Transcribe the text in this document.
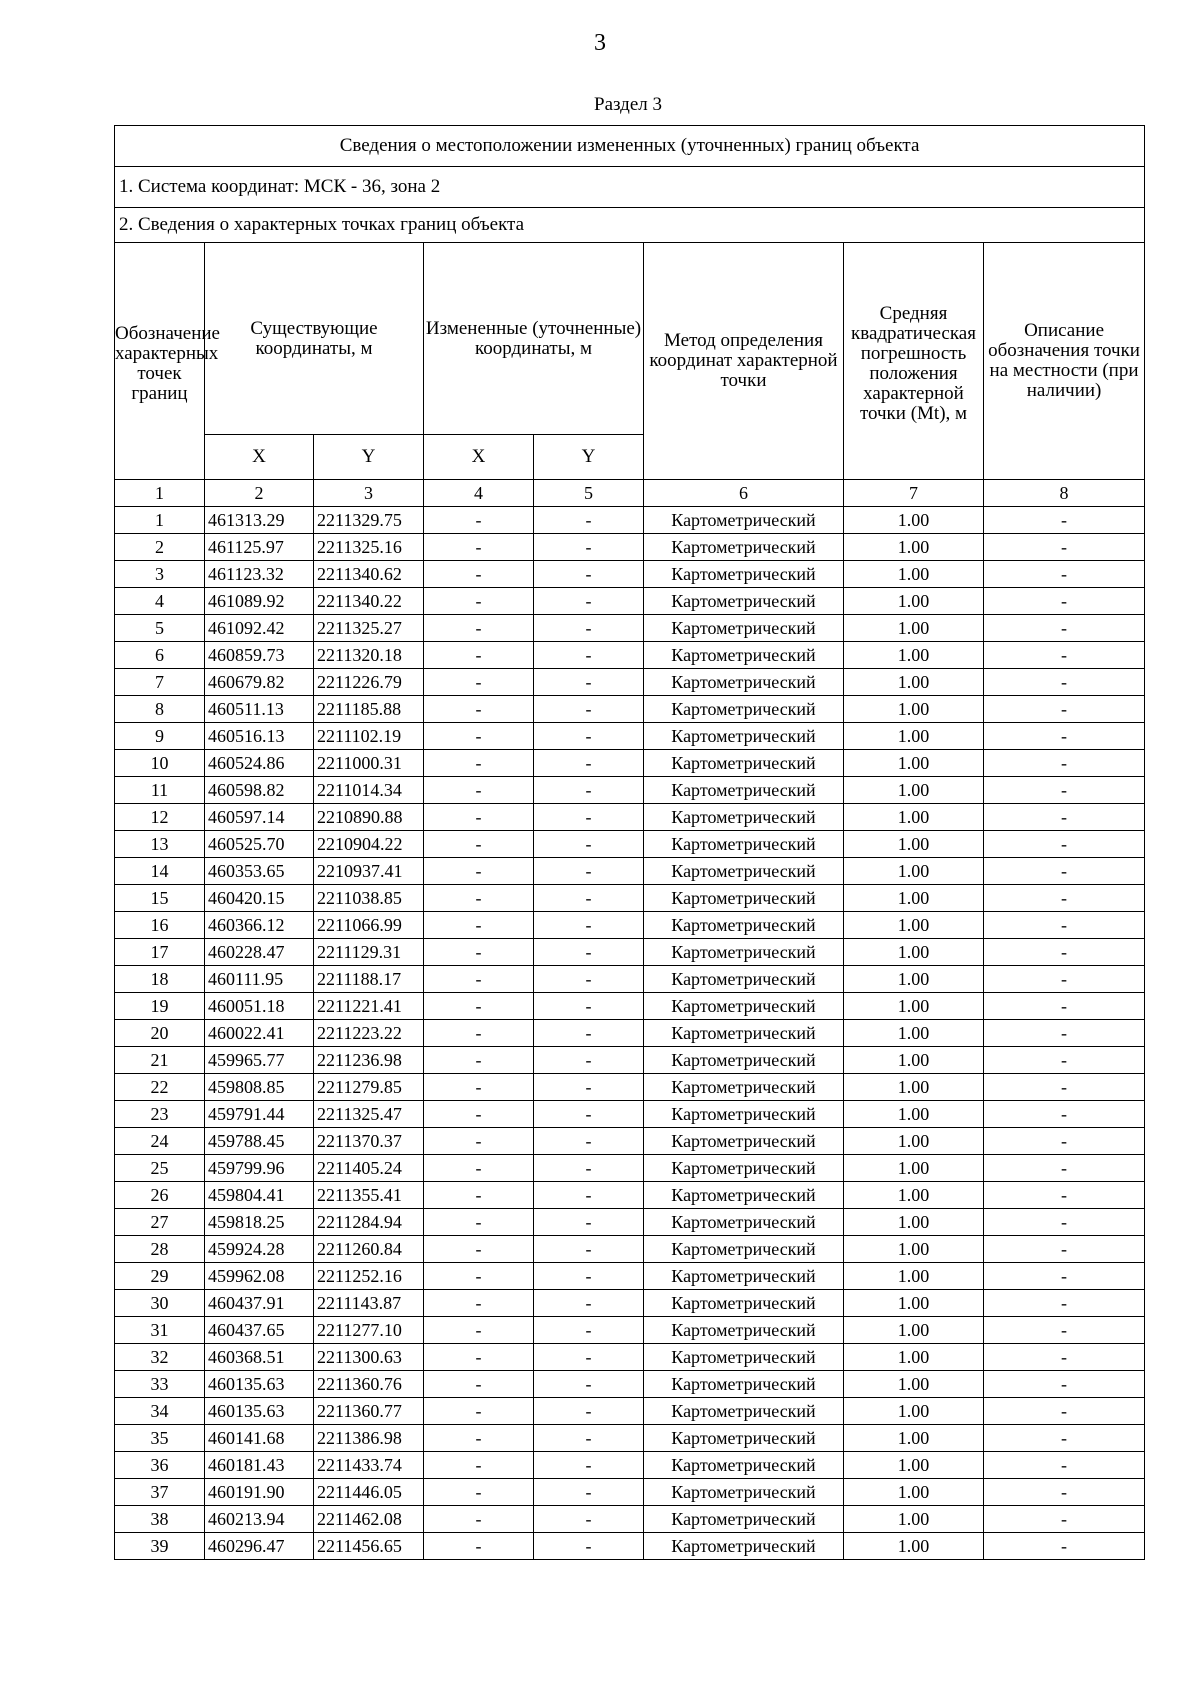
3
Раздел 3
Сведения о местоположении измененных (уточненных) границ объекта							
1. Система координат: МСК - 36, зона 2							
2. Сведения о характерных точках границ объекта							
Обозначение характерных точек границ	Существующие координаты, м		Измененные (уточненные) координаты, м		Метод определения координат характерной точки	Средняя квадратическая погрешность положения характерной точки (Mt), м	Описание обозначения точки на местности (при наличии)
	X	Y	X	Y			
1	2	3	4	5	6	7	8
1	461313.29	2211329.75	-	-	Картометрический	1.00	-
2	461125.97	2211325.16	-	-	Картометрический	1.00	-
3	461123.32	2211340.62	-	-	Картометрический	1.00	-
4	461089.92	2211340.22	-	-	Картометрический	1.00	-
5	461092.42	2211325.27	-	-	Картометрический	1.00	-
6	460859.73	2211320.18	-	-	Картометрический	1.00	-
7	460679.82	2211226.79	-	-	Картометрический	1.00	-
8	460511.13	2211185.88	-	-	Картометрический	1.00	-
9	460516.13	2211102.19	-	-	Картометрический	1.00	-
10	460524.86	2211000.31	-	-	Картометрический	1.00	-
11	460598.82	2211014.34	-	-	Картометрический	1.00	-
12	460597.14	2210890.88	-	-	Картометрический	1.00	-
13	460525.70	2210904.22	-	-	Картометрический	1.00	-
14	460353.65	2210937.41	-	-	Картометрический	1.00	-
15	460420.15	2211038.85	-	-	Картометрический	1.00	-
16	460366.12	2211066.99	-	-	Картометрический	1.00	-
17	460228.47	2211129.31	-	-	Картометрический	1.00	-
18	460111.95	2211188.17	-	-	Картометрический	1.00	-
19	460051.18	2211221.41	-	-	Картометрический	1.00	-
20	460022.41	2211223.22	-	-	Картометрический	1.00	-
21	459965.77	2211236.98	-	-	Картометрический	1.00	-
22	459808.85	2211279.85	-	-	Картометрический	1.00	-
23	459791.44	2211325.47	-	-	Картометрический	1.00	-
24	459788.45	2211370.37	-	-	Картометрический	1.00	-
25	459799.96	2211405.24	-	-	Картометрический	1.00	-
26	459804.41	2211355.41	-	-	Картометрический	1.00	-
27	459818.25	2211284.94	-	-	Картометрический	1.00	-
28	459924.28	2211260.84	-	-	Картометрический	1.00	-
29	459962.08	2211252.16	-	-	Картометрический	1.00	-
30	460437.91	2211143.87	-	-	Картометрический	1.00	-
31	460437.65	2211277.10	-	-	Картометрический	1.00	-
32	460368.51	2211300.63	-	-	Картометрический	1.00	-
33	460135.63	2211360.76	-	-	Картометрический	1.00	-
34	460135.63	2211360.77	-	-	Картометрический	1.00	-
35	460141.68	2211386.98	-	-	Картометрический	1.00	-
36	460181.43	2211433.74	-	-	Картометрический	1.00	-
37	460191.90	2211446.05	-	-	Картометрический	1.00	-
38	460213.94	2211462.08	-	-	Картометрический	1.00	-
39	460296.47	2211456.65	-	-	Картометрический	1.00	-
